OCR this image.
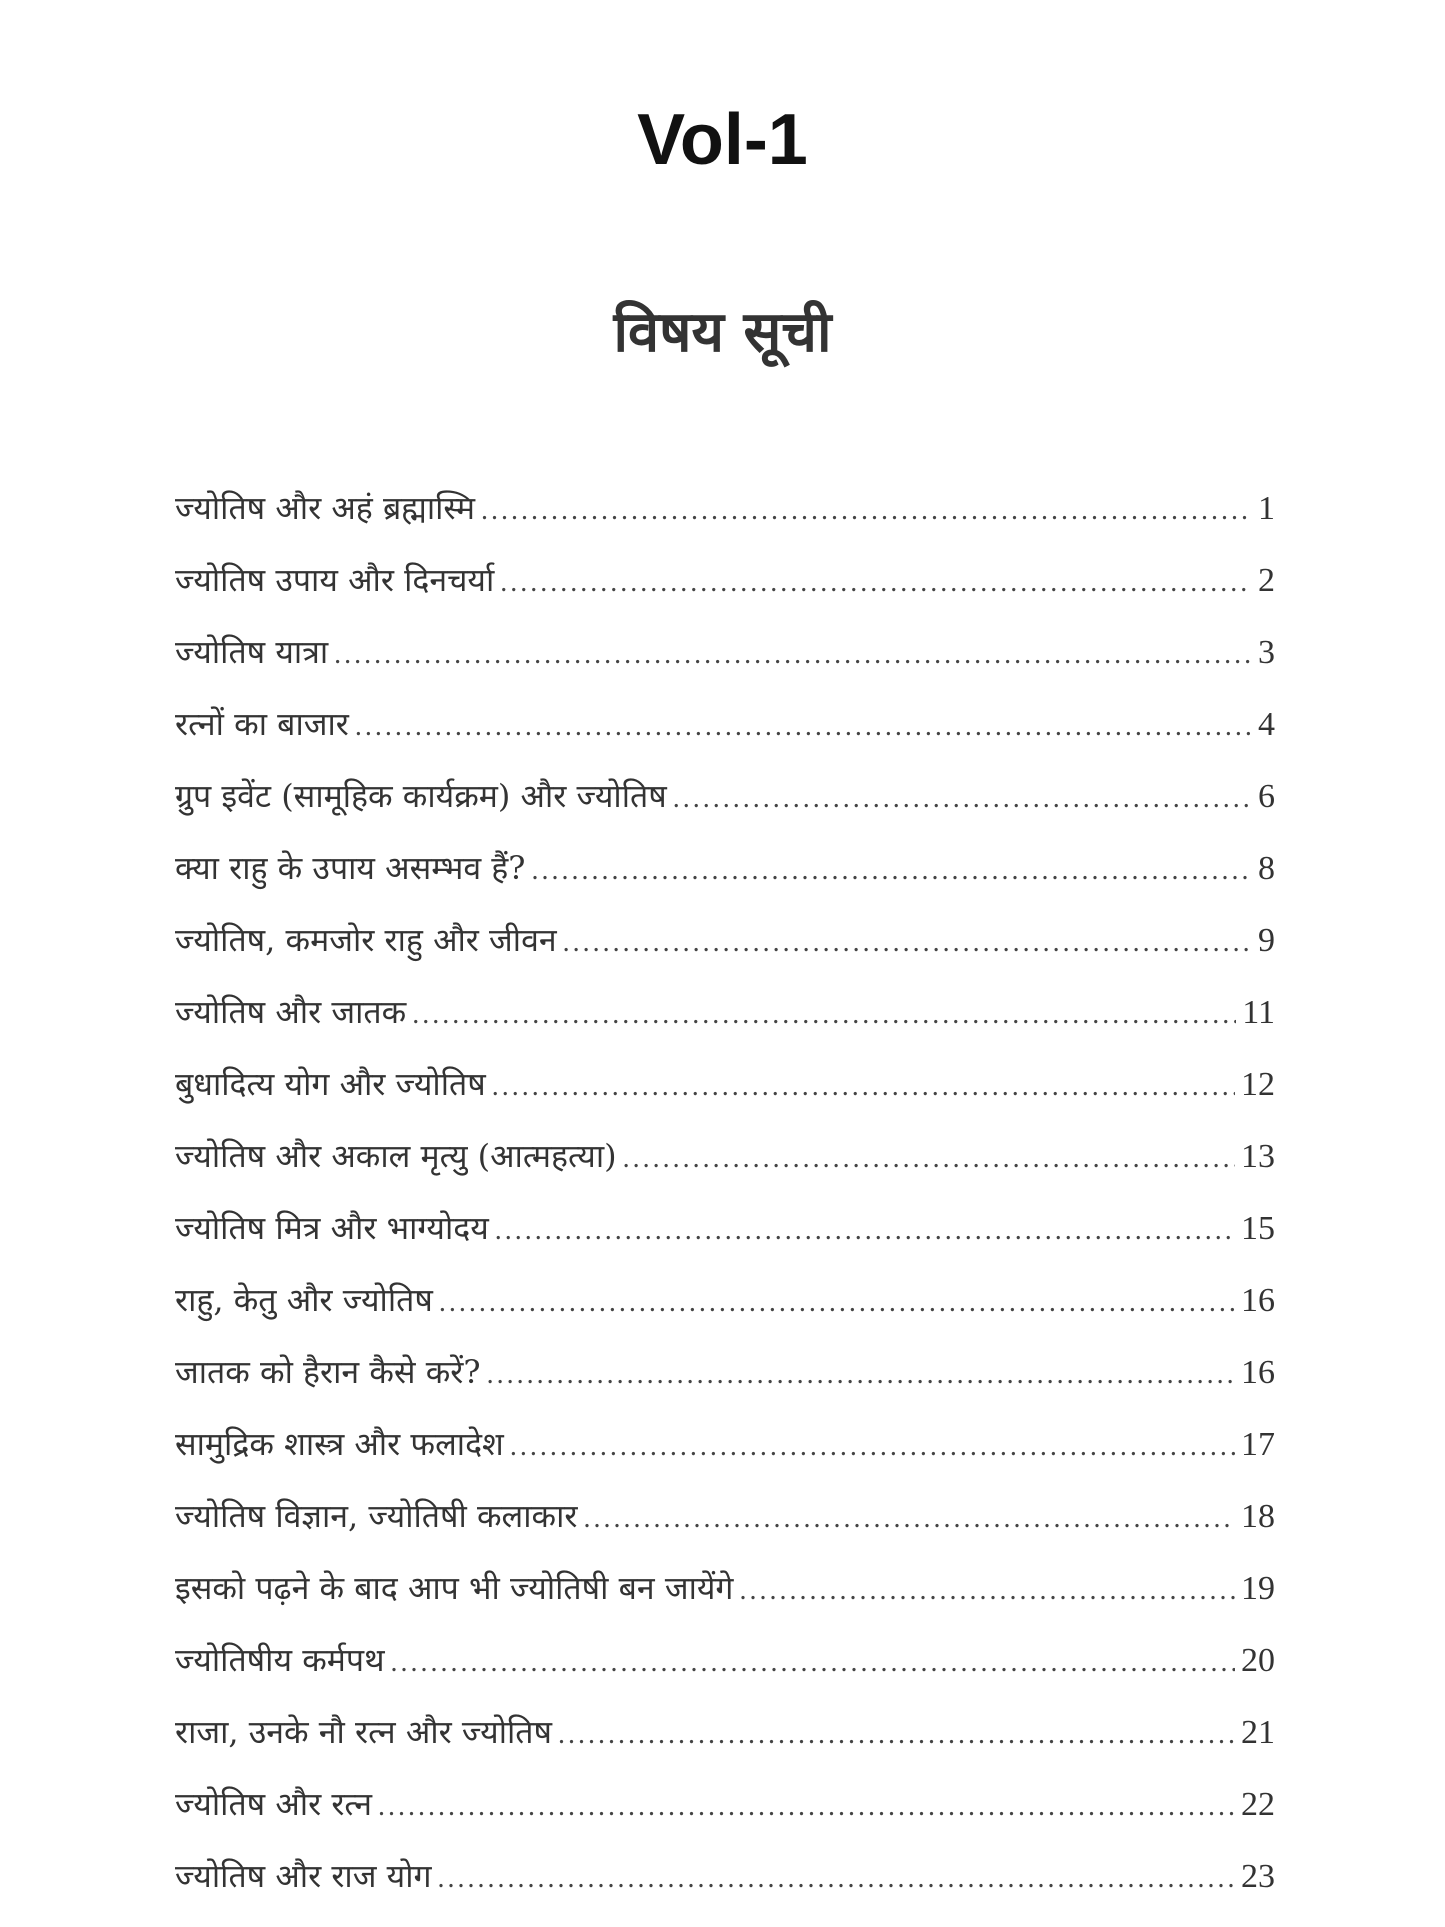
Vol-1
विषय सूची
ज्योतिष और अहं ब्रह्मास्मि .....	1
ज्योतिष उपाय और दिनचर्या .....	2
ज्योतिष यात्रा .....	3
रत्नों का बाजार .....	4
ग्रुप इवेंट (सामूहिक कार्यक्रम) और ज्योतिष .....	6
क्या राहु के उपाय असम्भव हैं? .....	8
ज्योतिष, कमजोर राहु और जीवन .....	9
ज्योतिष और जातक .....	11
बुधादित्य योग और ज्योतिष .....	12
ज्योतिष और अकाल मृत्यु (आत्महत्या) .....	13
ज्योतिष मित्र और भाग्योदय .....	15
राहु, केतु और ज्योतिष .....	16
जातक को हैरान कैसे करें? .....	16
सामुद्रिक शास्त्र और फलादेश .....	17
ज्योतिष विज्ञान, ज्योतिषी कलाकार .....	18
इसको पढ़ने के बाद आप भी ज्योतिषी बन जायेंगे .....	19
ज्योतिषीय कर्मपथ .....	20
राजा, उनके नौ रत्न और ज्योतिष .....	21
ज्योतिष और रत्न .....	22
ज्योतिष और राज योग .....	23
